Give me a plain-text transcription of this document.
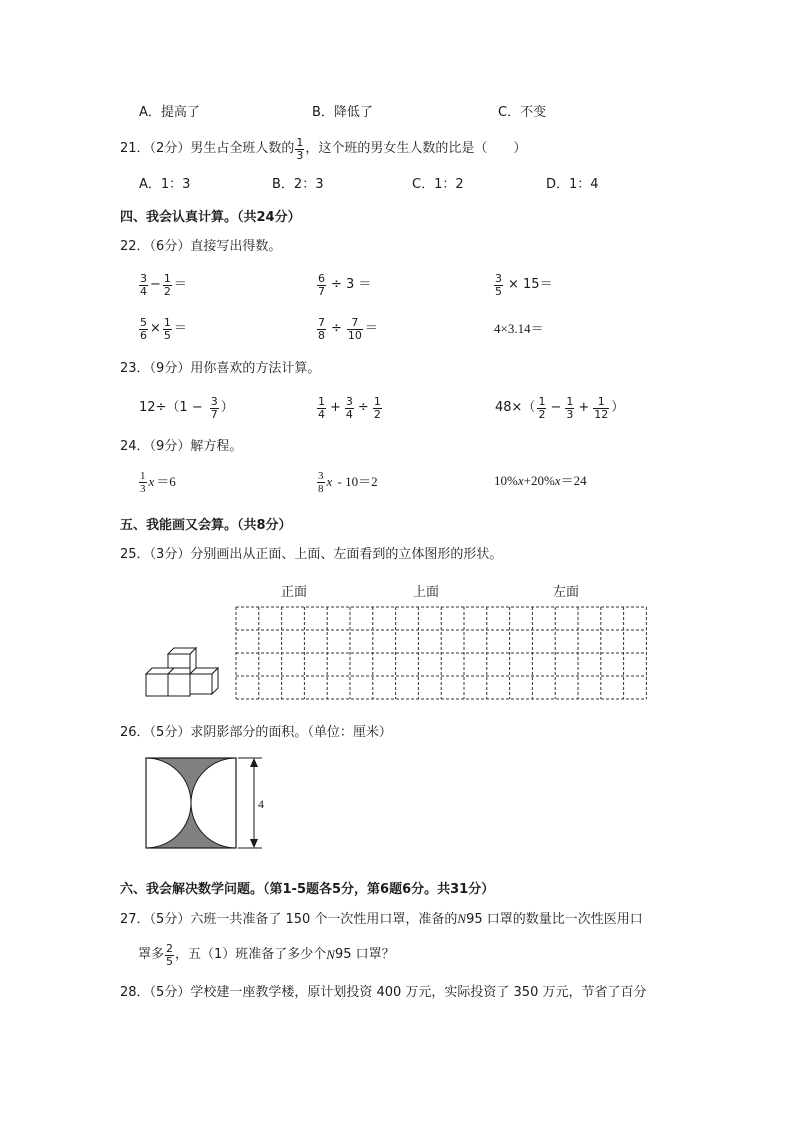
A．提高了	B．降低了	C．不变
21．（2分）男生占全班人数的 $\frac{1}{3}$ ，这个班的男女生人数的比是（　　）
A．1：3	B．2：3	C．1：2	D．1：4
四、我会认真计算。（共24分）
22．（6分）直接写出得数。
$\frac{3}{4} - \frac{1}{2}$ ＝	$\frac{6}{7} \div 3$ ＝	$\frac{3}{5} \times 15=$
$\frac{5}{6} \times \frac{1}{5}$ ＝	$\frac{7}{8} \div \frac{7}{10}$ ＝	4×3.14＝
23．（9分）用你喜欢的方法计算。
$12\div(1 - \frac{3}{7}$ ）	$\frac{1}{4} + \frac{3}{4} \div \frac{1}{2}$	$48\times( \frac{1}{2} - \frac{1}{3} + \frac{1}{12}$ ）
24．（9分）解方程。
$\frac{1}{3}$ x ＝6	$\frac{3}{8}$ x - 10＝2	10%x+20%x＝24
五、我能画又会算。（共8分）
25．（3分）分别画出从正面、上面、左面看到的立体图形的形状。
正面	上面	左面
26．（5分）求阴影部分的面积。（单位：厘米）
4
六、我会解决数学问题。（第1-5题各5分，第6题6分。共31分）
27．（5分）六班一共准备了 150 个一次性用口罩，准备的N95 口罩的数量比一次性医用口
罩多 $\frac{2}{5}$ ，五（1）班准备了多少个 N 95 口罩？
28．（5分）学校建一座教学楼，原计划投资 400 万元，实际投资了 350 万元，节省了百分
